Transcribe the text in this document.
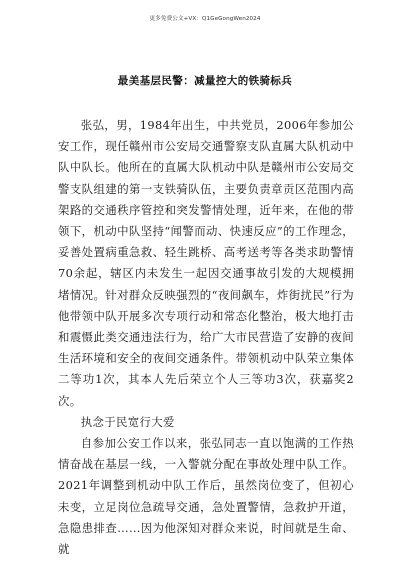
更多免费公文+VX：Q1GeGongWen2024
最美基层民警：减量控大的铁骑标兵

张弘，男，1984年出生，中共党员，2006年参加公安工作，现任赣州市公安局交通警察支队直属大队机动中队中队长。他所在的直属大队机动中队是赣州市公安局交警支队组建的第一支铁骑队伍，主要负责章贡区范围内高架路的交通秩序管控和突发警情处理，近年来，在他的带领下，机动中队坚持“闻警而动、快速反应”的工作理念，妥善处置病重急救、轻生跳桥、高考送考等各类求助警情70余起，辖区内未发生一起因交通事故引发的大规模拥堵情况。针对群众反映强烈的“夜间飙车，炸街扰民”行为他带领中队开展多次专项行动和常态化整治，极大地打击和震慑此类交通违法行为，给广大市民营造了安静的夜间生活环境和安全的夜间交通条件。带领机动中队荣立集体二等功1次，其本人先后荣立个人三等功3次，获嘉奖2次。

执念于民宽行大爱

自参加公安工作以来，张弘同志一直以饱满的工作热情奋战在基层一线，一入警就分配在事故处理中队工作。2021年调整到机动中队工作后，虽然岗位变了，但初心未变，立足岗位急疏导交通，急处置警情，急救护开道，急隐患排查……因为他深知对群众来说，时间就是生命、就
